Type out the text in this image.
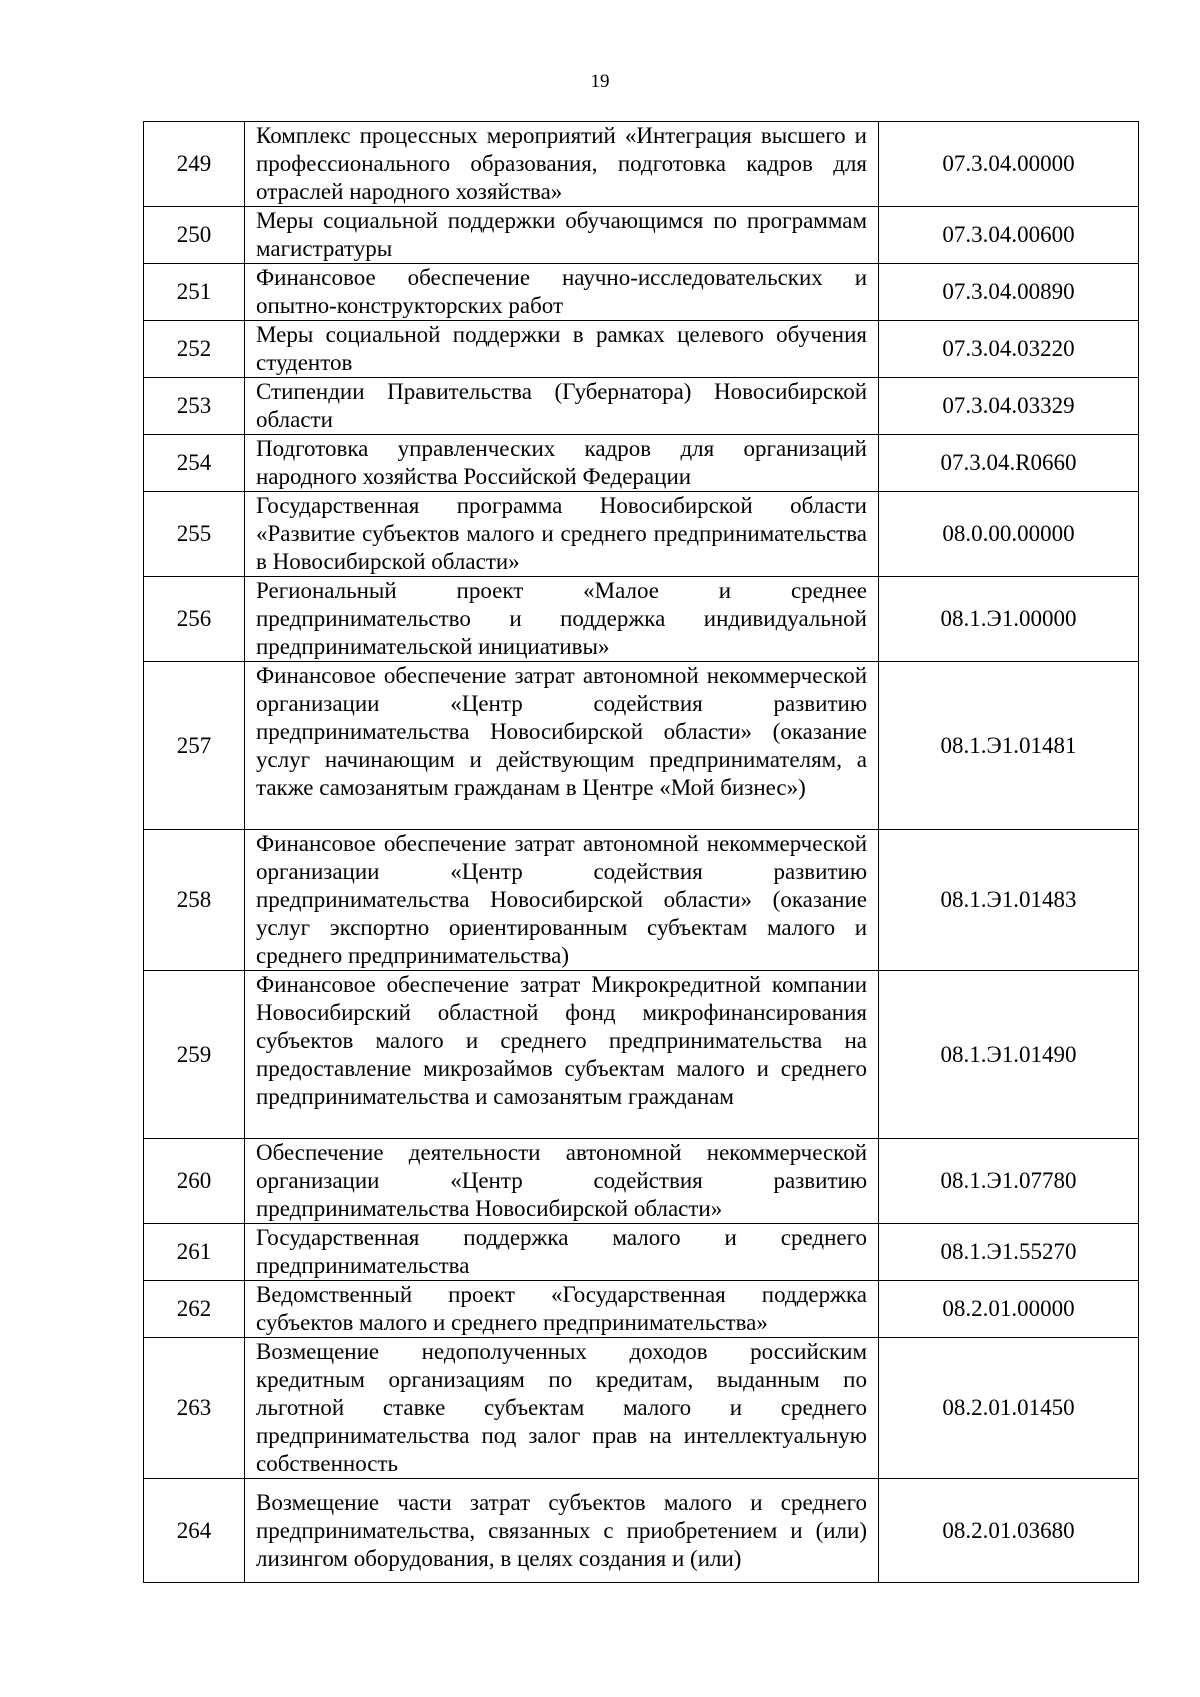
19
249	Комплекс процессных мероприятий «Интеграция высшего и профессионального образования, подготовка кадров для отраслей народного хозяйства»	07.3.04.00000
250	Меры социальной поддержки обучающимся по программам магистратуры	07.3.04.00600
251	Финансовое обеспечение научно-исследовательских и опытно-конструкторских работ	07.3.04.00890
252	Меры социальной поддержки в рамках целевого обучения студентов	07.3.04.03220
253	Стипендии Правительства (Губернатора) Новосибирской области	07.3.04.03329
254	Подготовка управленческих кадров для организаций народного хозяйства Российской Федерации	07.3.04.R0660
255	Государственная программа Новосибирской области «Развитие субъектов малого и среднего предпринимательства в Новосибирской области»	08.0.00.00000
256	Региональный проект «Малое и среднее предпринимательство и поддержка индивидуальной предпринимательской инициативы»	08.1.Э1.00000
257	Финансовое обеспечение затрат автономной некоммерческой организации «Центр содействия развитию предпринимательства Новосибирской области» (оказание услуг начинающим и действующим предпринимателям, а также самозанятым гражданам в Центре «Мой бизнес»)	08.1.Э1.01481
258	Финансовое обеспечение затрат автономной некоммерческой организации «Центр содействия развитию предпринимательства Новосибирской области» (оказание услуг экспортно ориентированным субъектам малого и среднего предпринимательства)	08.1.Э1.01483
259	Финансовое обеспечение затрат Микрокредитной компании Новосибирский областной фонд микрофинансирования субъектов малого и среднего предпринимательства на предоставление микрозаймов субъектам малого и среднего предпринимательства и самозанятым гражданам	08.1.Э1.01490
260	Обеспечение деятельности автономной некоммерческой организации «Центр содействия развитию предпринимательства Новосибирской области»	08.1.Э1.07780
261	Государственная поддержка малого и среднего предпринимательства	08.1.Э1.55270
262	Ведомственный проект «Государственная поддержка субъектов малого и среднего предпринимательства»	08.2.01.00000
263	Возмещение недополученных доходов российским кредитным организациям по кредитам, выданным по льготной ставке субъектам малого и среднего предпринимательства под залог прав на интеллектуальную собственность	08.2.01.01450
264	Возмещение части затрат субъектов малого и среднего предпринимательства, связанных с приобретением и (или) лизингом оборудования, в целях создания и (или)	08.2.01.03680
